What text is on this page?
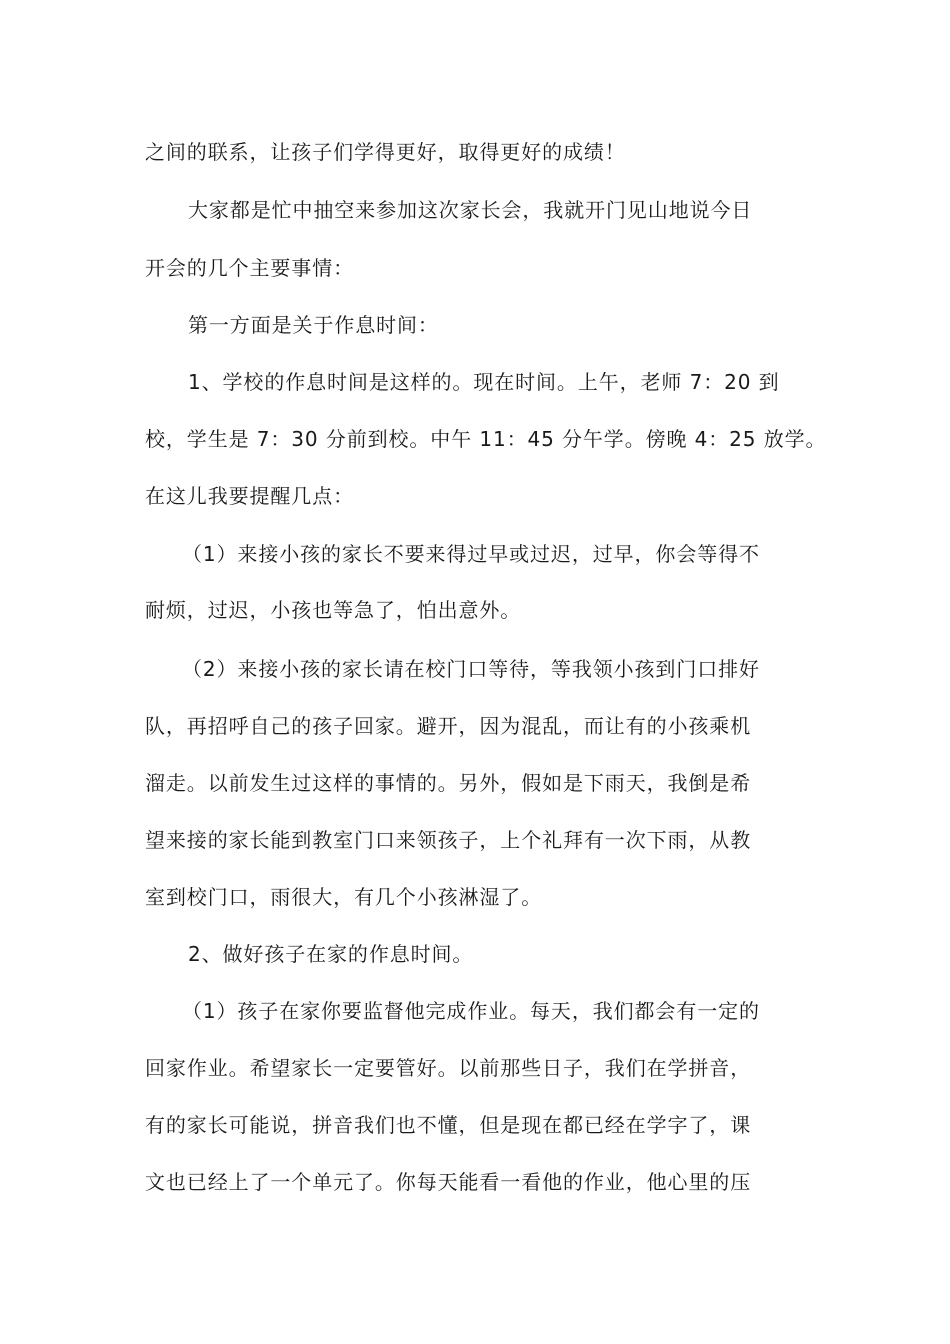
之间的联系，让孩子们学得更好，取得更好的成绩！
大家都是忙中抽空来参加这次家长会，我就开门见山地说今日
开会的几个主要事情：
第一方面是关于作息时间：
1、学校的作息时间是这样的。现在时间。上午，老师 7：20 到
校，学生是 7：30 分前到校。中午 11：45 分午学。傍晚 4：25 放学。
在这儿我要提醒几点：
（1）来接小孩的家长不要来得过早或过迟，过早，你会等得不
耐烦，过迟，小孩也等急了，怕出意外。
（2）来接小孩的家长请在校门口等待，等我领小孩到门口排好
队，再招呼自己的孩子回家。避开，因为混乱，而让有的小孩乘机
溜走。以前发生过这样的事情的。另外，假如是下雨天，我倒是希
望来接的家长能到教室门口来领孩子，上个礼拜有一次下雨，从教
室到校门口，雨很大，有几个小孩淋湿了。
2、做好孩子在家的作息时间。
（1）孩子在家你要监督他完成作业。每天，我们都会有一定的
回家作业。希望家长一定要管好。以前那些日子，我们在学拼音，
有的家长可能说，拼音我们也不懂，但是现在都已经在学字了，课
文也已经上了一个单元了。你每天能看一看他的作业，他心里的压
